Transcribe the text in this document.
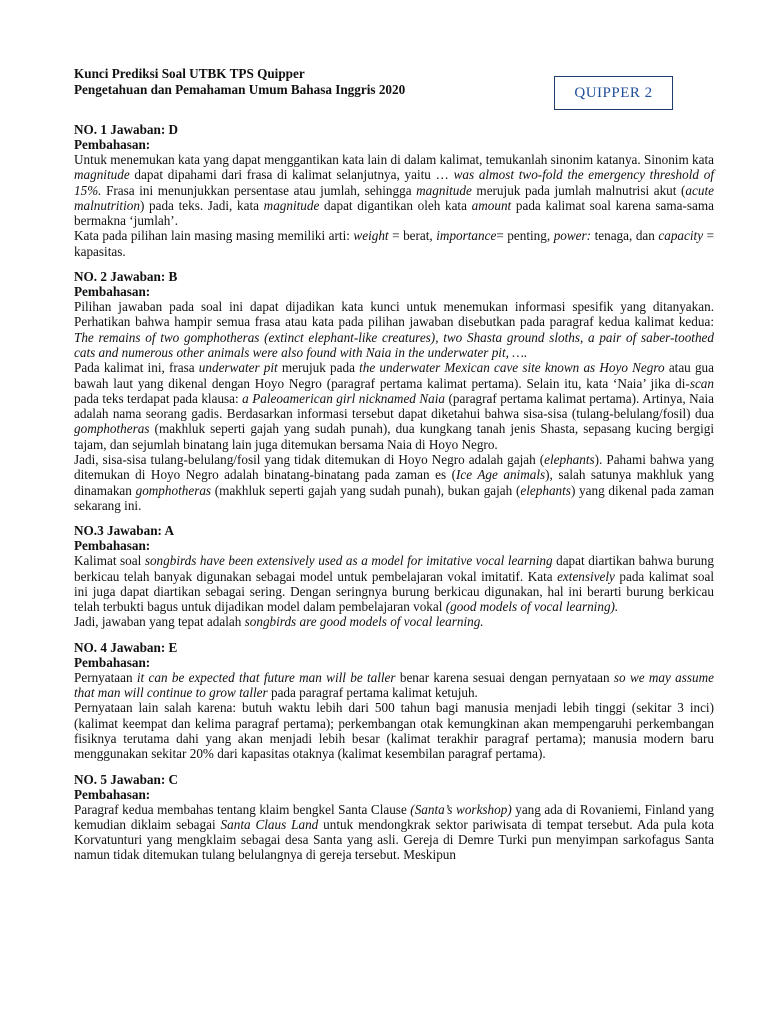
Kunci Prediksi Soal UTBK TPS Quipper

Pengetahuan dan Pemahaman Umum Bahasa Inggris 2020	QUIPPER 2

NO. 1 Jawaban: D

Pembahasan:

Untuk menemukan kata yang dapat menggantikan kata lain di dalam kalimat, temukanlah sinonim katanya. Sinonim kata magnitude dapat dipahami dari frasa di kalimat selanjutnya, yaitu … was almost two-fold the emergency threshold of 15%. Frasa ini menunjukkan persentase atau jumlah, sehingga magnitude merujuk pada jumlah malnutrisi akut (acute malnutrition) pada teks. Jadi, kata magnitude dapat digantikan oleh kata amount pada kalimat soal karena sama-sama bermakna ‘jumlah’.

Kata pada pilihan lain masing masing memiliki arti: weight = berat, importance= penting, power: tenaga, dan capacity = kapasitas.

NO. 2 Jawaban: B

Pembahasan:

Pilihan jawaban pada soal ini dapat dijadikan kata kunci untuk menemukan informasi spesifik yang ditanyakan. Perhatikan bahwa hampir semua frasa atau kata pada pilihan jawaban disebutkan pada paragraf kedua kalimat kedua: The remains of two gomphotheras (extinct elephant-like creatures), two Shasta ground sloths, a pair of saber-toothed cats and numerous other animals were also found with Naia in the underwater pit, ….

Pada kalimat ini, frasa underwater pit merujuk pada the underwater Mexican cave site known as Hoyo Negro atau gua bawah laut yang dikenal dengan Hoyo Negro (paragraf pertama kalimat pertama). Selain itu, kata ‘Naia’ jika di-scan pada teks terdapat pada klausa: a Paleoamerican girl nicknamed Naia (paragraf pertama kalimat pertama). Artinya, Naia adalah nama seorang gadis. Berdasarkan informasi tersebut dapat diketahui bahwa sisa-sisa (tulang-belulang/fosil) dua gomphotheras (makhluk seperti gajah yang sudah punah), dua kungkang tanah jenis Shasta, sepasang kucing bergigi tajam, dan sejumlah binatang lain juga ditemukan bersama Naia di Hoyo Negro.

Jadi, sisa-sisa tulang-belulang/fosil yang tidak ditemukan di Hoyo Negro adalah gajah (elephants). Pahami bahwa yang ditemukan di Hoyo Negro adalah binatang-binatang pada zaman es (Ice Age animals), salah satunya makhluk yang dinamakan gomphotheras (makhluk seperti gajah yang sudah punah), bukan gajah (elephants) yang dikenal pada zaman sekarang ini.

NO.3 Jawaban: A

Pembahasan:

Kalimat soal songbirds have been extensively used as a model for imitative vocal learning dapat diartikan bahwa burung berkicau telah banyak digunakan sebagai model untuk pembelajaran vokal imitatif. Kata extensively pada kalimat soal ini juga dapat diartikan sebagai sering. Dengan seringnya burung berkicau digunakan, hal ini berarti burung berkicau telah terbukti bagus untuk dijadikan model dalam pembelajaran vokal (good models of vocal learning).

Jadi, jawaban yang tepat adalah songbirds are good models of vocal learning.

NO. 4 Jawaban: E

Pembahasan:

Pernyataan it can be expected that future man will be taller benar karena sesuai dengan pernyataan so we may assume that man will continue to grow taller pada paragraf pertama kalimat ketujuh.

Pernyataan lain salah karena: butuh waktu lebih dari 500 tahun bagi manusia menjadi lebih tinggi (sekitar 3 inci) (kalimat keempat dan kelima paragraf pertama); perkembangan otak kemungkinan akan mempengaruhi perkembangan fisiknya terutama dahi yang akan menjadi lebih besar (kalimat terakhir paragraf pertama); manusia modern baru menggunakan sekitar 20% dari kapasitas otaknya (kalimat kesembilan paragraf pertama).

NO. 5 Jawaban: C

Pembahasan:

Paragraf kedua membahas tentang klaim bengkel Santa Clause (Santa’s workshop) yang ada di Rovaniemi, Finland yang kemudian diklaim sebagai Santa Claus Land untuk mendongkrak sektor pariwisata di tempat tersebut. Ada pula kota Korvatunturi yang mengklaim sebagai desa Santa yang asli. Gereja di Demre Turki pun menyimpan sarkofagus Santa namun tidak ditemukan tulang belulangnya di gereja tersebut. Meskipun
